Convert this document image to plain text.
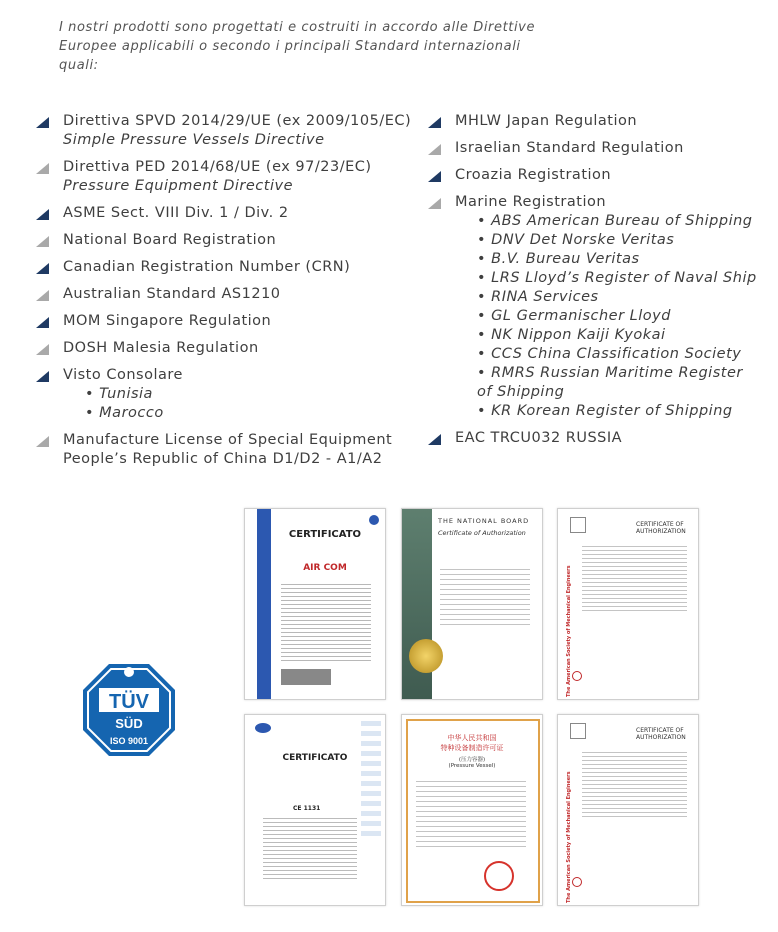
I nostri prodotti sono progettati e costruiti in accordo alle Direttive Europee applicabili o secondo i principali Standard internazionali quali:
Direttiva SPVD 2014/29/UE (ex 2009/105/EC)
Simple Pressure Vessels Directive
Direttiva PED 2014/68/UE (ex 97/23/EC)
Pressure Equipment Directive
ASME Sect. VIII Div. 1 / Div. 2
National Board Registration
Canadian Registration Number (CRN)
Australian Standard AS1210
MOM Singapore Regulation
DOSH Malesia Regulation
Visto Consolare
• Tunisia
• Marocco
Manufacture License of Special Equipment
People’s Republic of China D1/D2 - A1/A2
MHLW Japan Regulation
Israelian Standard Regulation
Croazia Registration
Marine Registration
• ABS American Bureau of Shipping
• DNV Det Norske Veritas
• B.V. Bureau Veritas
• LRS Lloyd’s Register of Naval Ship
• RINA Services
• GL Germanischer Lloyd
• NK Nippon Kaiji Kyokai
• CCS China Classification Society
• RMRS Russian Maritime Register of Shipping
• KR Korean Register of Shipping
EAC TRCU032 RUSSIA
TÜV
SÜD
ISO 9001
CERTIFICATO
AIR COM
THE NATIONAL BOARD
Certificate of Authorization
The American Society of Mechanical Engineers
CERTIFICATE OF
AUTHORIZATION
CERTIFICATO
CE 1131
中华人民共和国
特种设备制造许可证
(压力容器)
(Pressure Vessel)
The American Society of Mechanical Engineers
CERTIFICATE OF
AUTHORIZATION
